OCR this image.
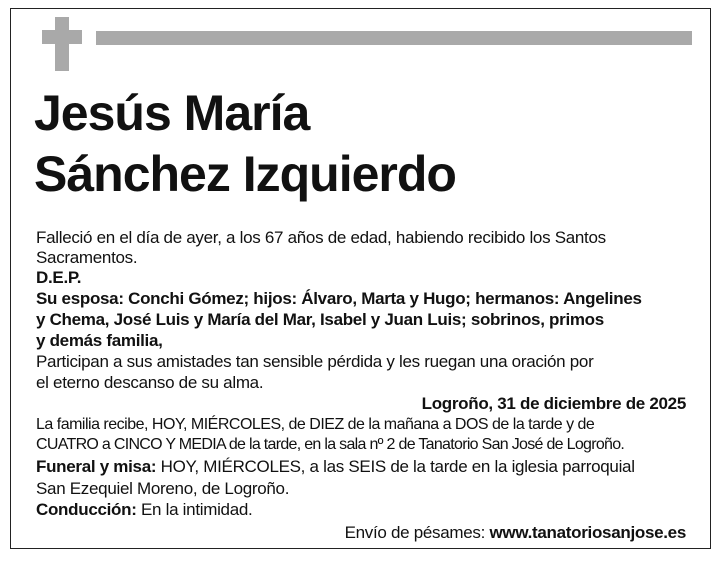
Jesús María
Sánchez Izquierdo
Falleció en el día de ayer, a los 67 años de edad, habiendo recibido los Santos
Sacramentos.
D.E.P.
Su esposa: Conchi Gómez; hijos: Álvaro, Marta y Hugo; hermanos: Angelines
y Chema, José Luis y María del Mar, Isabel y Juan Luis; sobrinos, primos
y demás familia,
Participan a sus amistades tan sensible pérdida y les ruegan una oración por
el eterno descanso de su alma.
Logroño, 31 de diciembre de 2025
La familia recibe, HOY, MIÉRCOLES, de DIEZ de la mañana a DOS de la tarde y de
CUATRO a CINCO Y MEDIA de la tarde, en la sala nº 2 de Tanatorio San José de Logroño.
Funeral y misa: HOY, MIÉRCOLES, a las SEIS de la tarde en la iglesia parroquial
San Ezequiel Moreno, de Logroño.
Conducción: En la intimidad.
Envío de pésames: www.tanatoriosanjose.es
